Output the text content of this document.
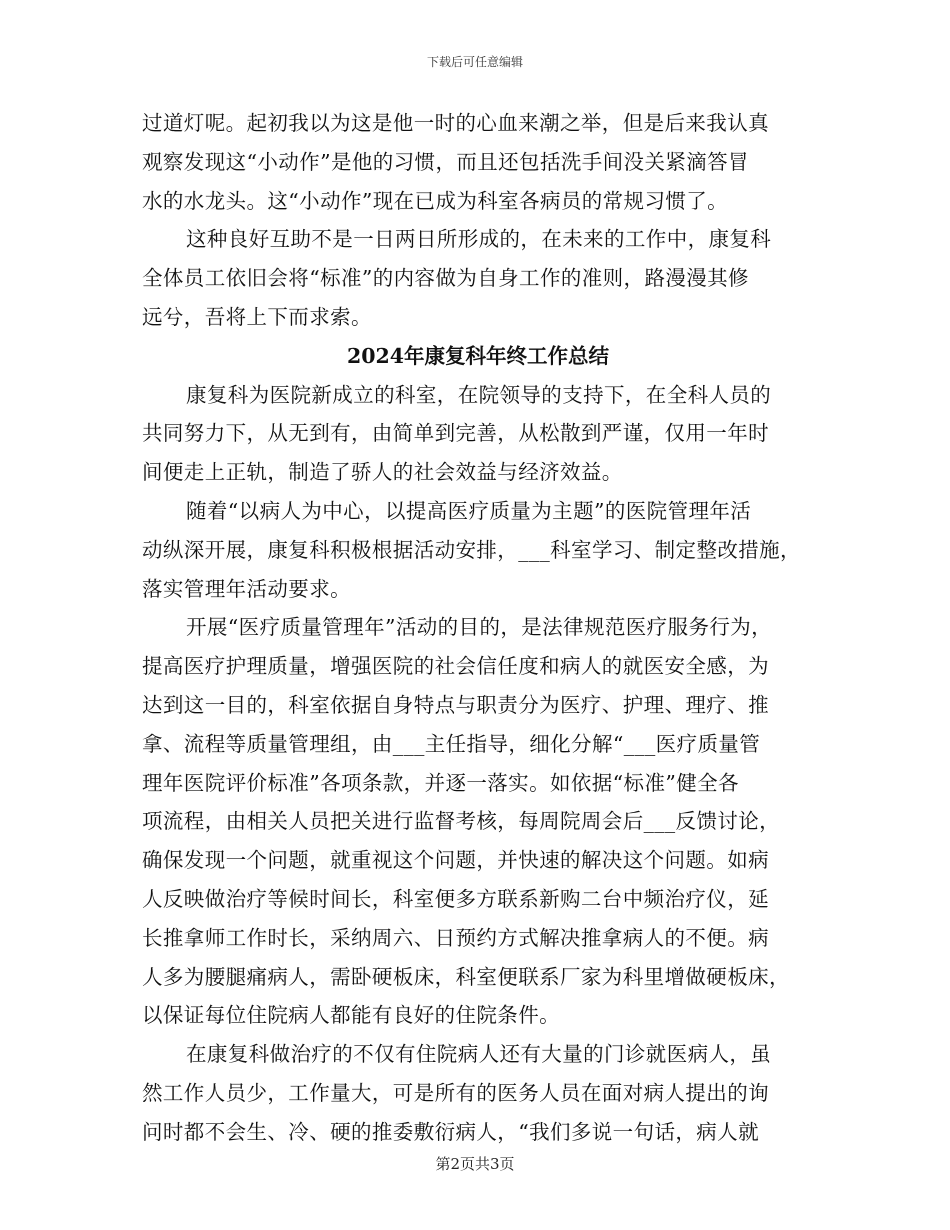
下载后可任意编辑
过道灯呢。起初我以为这是他一时的心血来潮之举，但是后来我认真
观察发现这“小动作”是他的习惯，而且还包括洗手间没关紧滴答冒
水的水龙头。这“小动作”现在已成为科室各病员的常规习惯了。
这种良好互助不是一日两日所形成的，在未来的工作中，康复科
全体员工依旧会将“标准”的内容做为自身工作的准则，路漫漫其修
远兮，吾将上下而求索。
2024年康复科年终工作总结
康复科为医院新成立的科室，在院领导的支持下，在全科人员的
共同努力下，从无到有，由简单到完善，从松散到严谨，仅用一年时
间便走上正轨，制造了骄人的社会效益与经济效益。
随着“以病人为中心，以提高医疗质量为主题”的医院管理年活
动纵深开展，康复科积极根据活动安排，___科室学习、制定整改措施，
落实管理年活动要求。
开展“医疗质量管理年”活动的目的，是法律规范医疗服务行为，
提高医疗护理质量，增强医院的社会信任度和病人的就医安全感，为
达到这一目的，科室依据自身特点与职责分为医疗、护理、理疗、推
拿、流程等质量管理组，由___主任指导，细化分解“___医疗质量管
理年医院评价标准”各项条款，并逐一落实。如依据“标准”健全各
项流程，由相关人员把关进行监督考核，每周院周会后___反馈讨论，
确保发现一个问题，就重视这个问题，并快速的解决这个问题。如病
人反映做治疗等候时间长，科室便多方联系新购二台中频治疗仪，延
长推拿师工作时长，采纳周六、日预约方式解决推拿病人的不便。病
人多为腰腿痛病人，需卧硬板床，科室便联系厂家为科里增做硬板床，
以保证每位住院病人都能有良好的住院条件。
在康复科做治疗的不仅有住院病人还有大量的门诊就医病人，虽
然工作人员少，工作量大，可是所有的医务人员在面对病人提出的询
问时都不会生、冷、硬的推委敷衍病人，“我们多说一句话，病人就
第2页共3页
